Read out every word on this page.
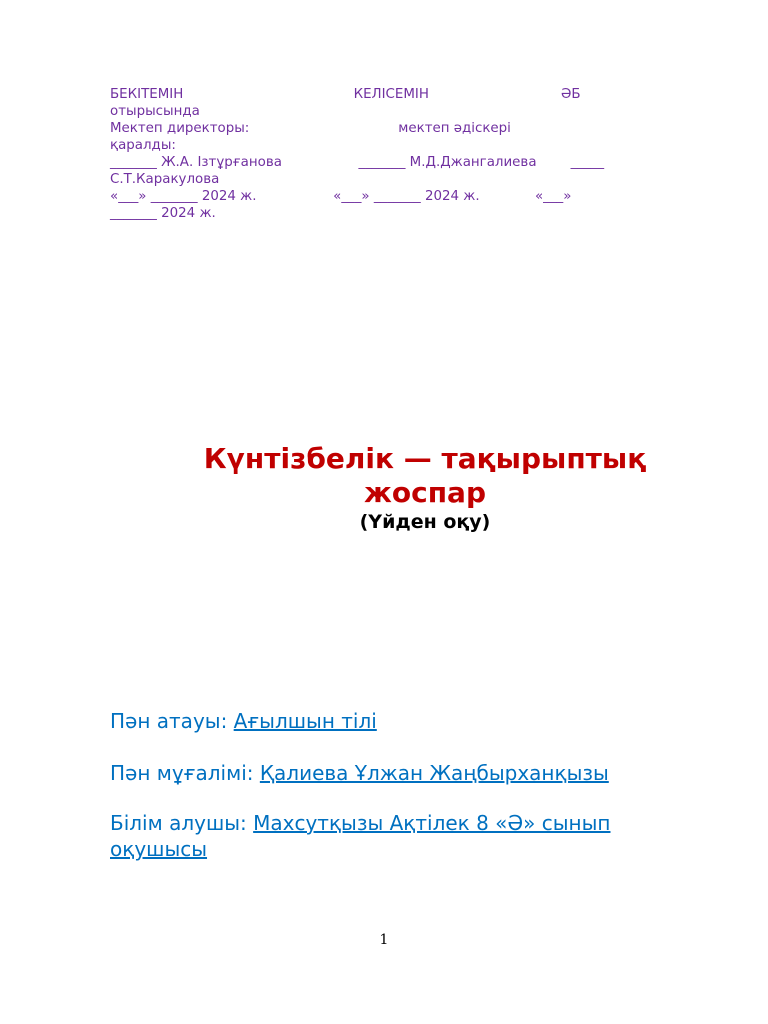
БЕКІТЕМІН                                        КЕЛІСЕМІН                               ӘБ
отырысында
Мектеп директоры:                                   мектеп әдіскері
қаралды:
_______ Ж.А. Ізтұрғанова                  _______ М.Д.Джангалиева        _____
С.Т.Каракулова
«___» _______ 2024 ж.                  «___» _______ 2024 ж.             «___»
_______ 2024 ж.
Күнтізбелік — тақырыптық
жоспар
(Үйден оқу)
Пән атауы: Ағылшын тілі
Пән мұғалімі: Қалиева Ұлжан Жаңбырханқызы
Білім алушы: Махсутқызы Ақтілек 8 «Ә» сынып оқушысы
1
